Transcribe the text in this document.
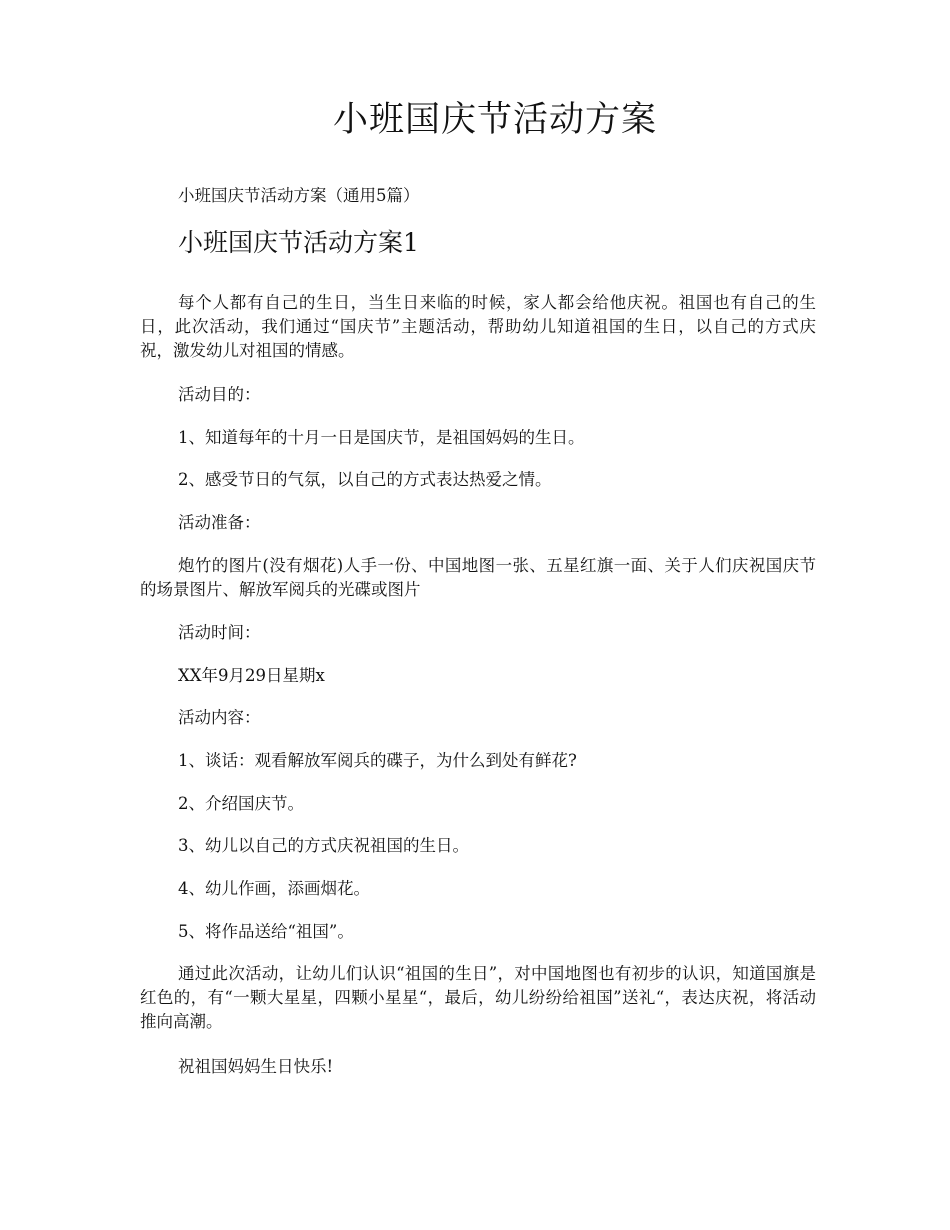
小班国庆节活动方案
小班国庆节活动方案（通用5篇）
小班国庆节活动方案1
每个人都有自己的生日，当生日来临的时候，家人都会给他庆祝。祖国也有自己的生日，此次活动，我们通过“国庆节”主题活动，帮助幼儿知道祖国的生日，以自己的方式庆祝，激发幼儿对祖国的情感。
活动目的：
1、知道每年的十月一日是国庆节，是祖国妈妈的生日。
2、感受节日的气氛，以自己的方式表达热爱之情。
活动准备：
炮竹的图片(没有烟花)人手一份、中国地图一张、五星红旗一面、关于人们庆祝国庆节的场景图片、解放军阅兵的光碟或图片
活动时间：
XX年9月29日星期x
活动内容：
1、谈话：观看解放军阅兵的碟子，为什么到处有鲜花?
2、介绍国庆节。
3、幼儿以自己的方式庆祝祖国的生日。
4、幼儿作画，添画烟花。
5、将作品送给“祖国”。
通过此次活动，让幼儿们认识“祖国的生日”，对中国地图也有初步的认识，知道国旗是红色的，有“一颗大星星，四颗小星星“，最后，幼儿纷纷给祖国”送礼“，表达庆祝，将活动推向高潮。
祝祖国妈妈生日快乐!
